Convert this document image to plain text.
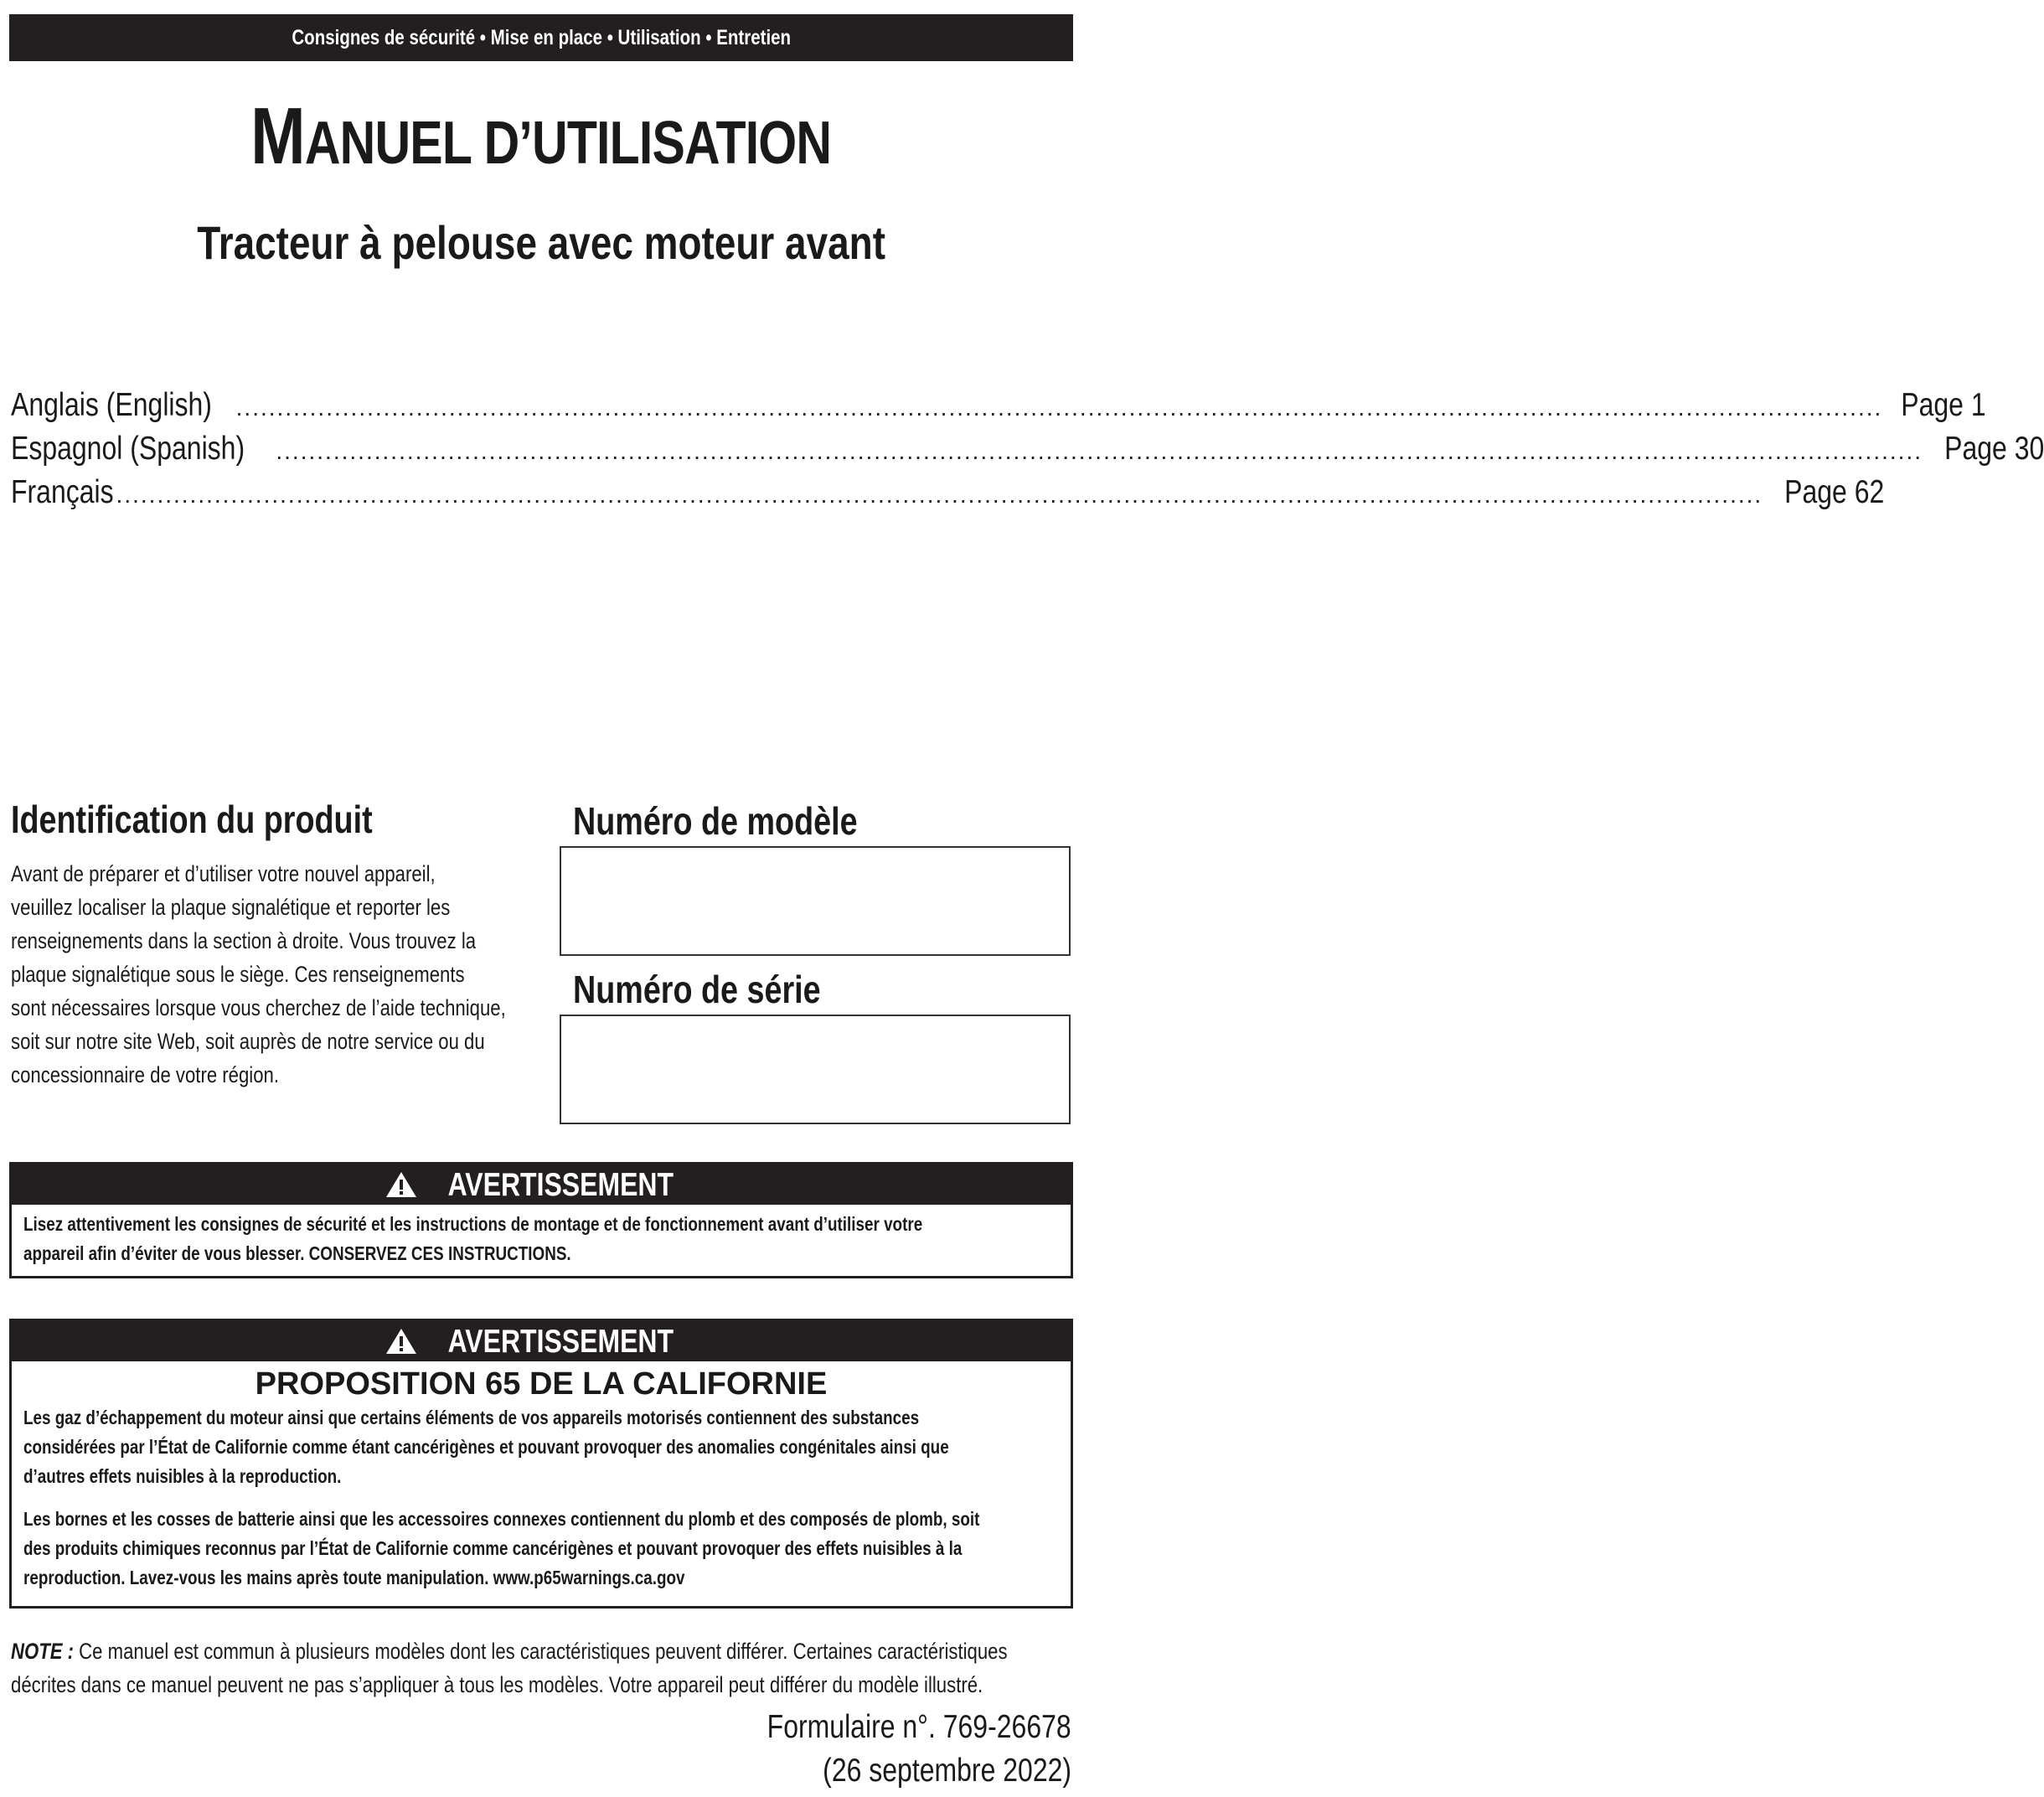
Consignes de sécurité • Mise en place • Utilisation • Entretien
MANUEL D’UTILISATION
Tracteur à pelouse avec moteur avant
Anglais (English) ......................................................................................................................................................................................................... Page 1
Espagnol (Spanish) ......................................................................................................................................................................................................... Page 30
Français ......................................................................................................................................................................................................... Page 62
Identification du produit
Avant de préparer et d’utiliser votre nouvel appareil,
veuillez localiser la plaque signalétique et reporter les
renseignements dans la section à droite. Vous trouvez la
plaque signalétique sous le siège. Ces renseignements
sont nécessaires lorsque vous cherchez de l’aide technique,
soit sur notre site Web, soit auprès de notre service ou du
concessionnaire de votre région.
Numéro de modèle
Numéro de série
AVERTISSEMENT
Lisez attentivement les consignes de sécurité et les instructions de montage et de fonctionnement avant d’utiliser votre
appareil afin d’éviter de vous blesser. CONSERVEZ CES INSTRUCTIONS.
AVERTISSEMENT
PROPOSITION 65 DE LA CALIFORNIE

Les gaz d’échappement du moteur ainsi que certains éléments de vos appareils motorisés contiennent des substances
considérées par l’État de Californie comme étant cancérigènes et pouvant provoquer des anomalies congénitales ainsi que
d’autres effets nuisibles à la reproduction.

Les bornes et les cosses de batterie ainsi que les accessoires connexes contiennent du plomb et des composés de plomb, soit
des produits chimiques reconnus par l’État de Californie comme cancérigènes et pouvant provoquer des effets nuisibles à la
reproduction. Lavez-vous les mains après toute manipulation. www.p65warnings.ca.gov

NOTE : Ce manuel est commun à plusieurs modèles dont les caractéristiques peuvent différer. Certaines caractéristiques
décrites dans ce manuel peuvent ne pas s’appliquer à tous les modèles. Votre appareil peut différer du modèle illustré.
Formulaire n°. 769-26678
(26 septembre 2022)
